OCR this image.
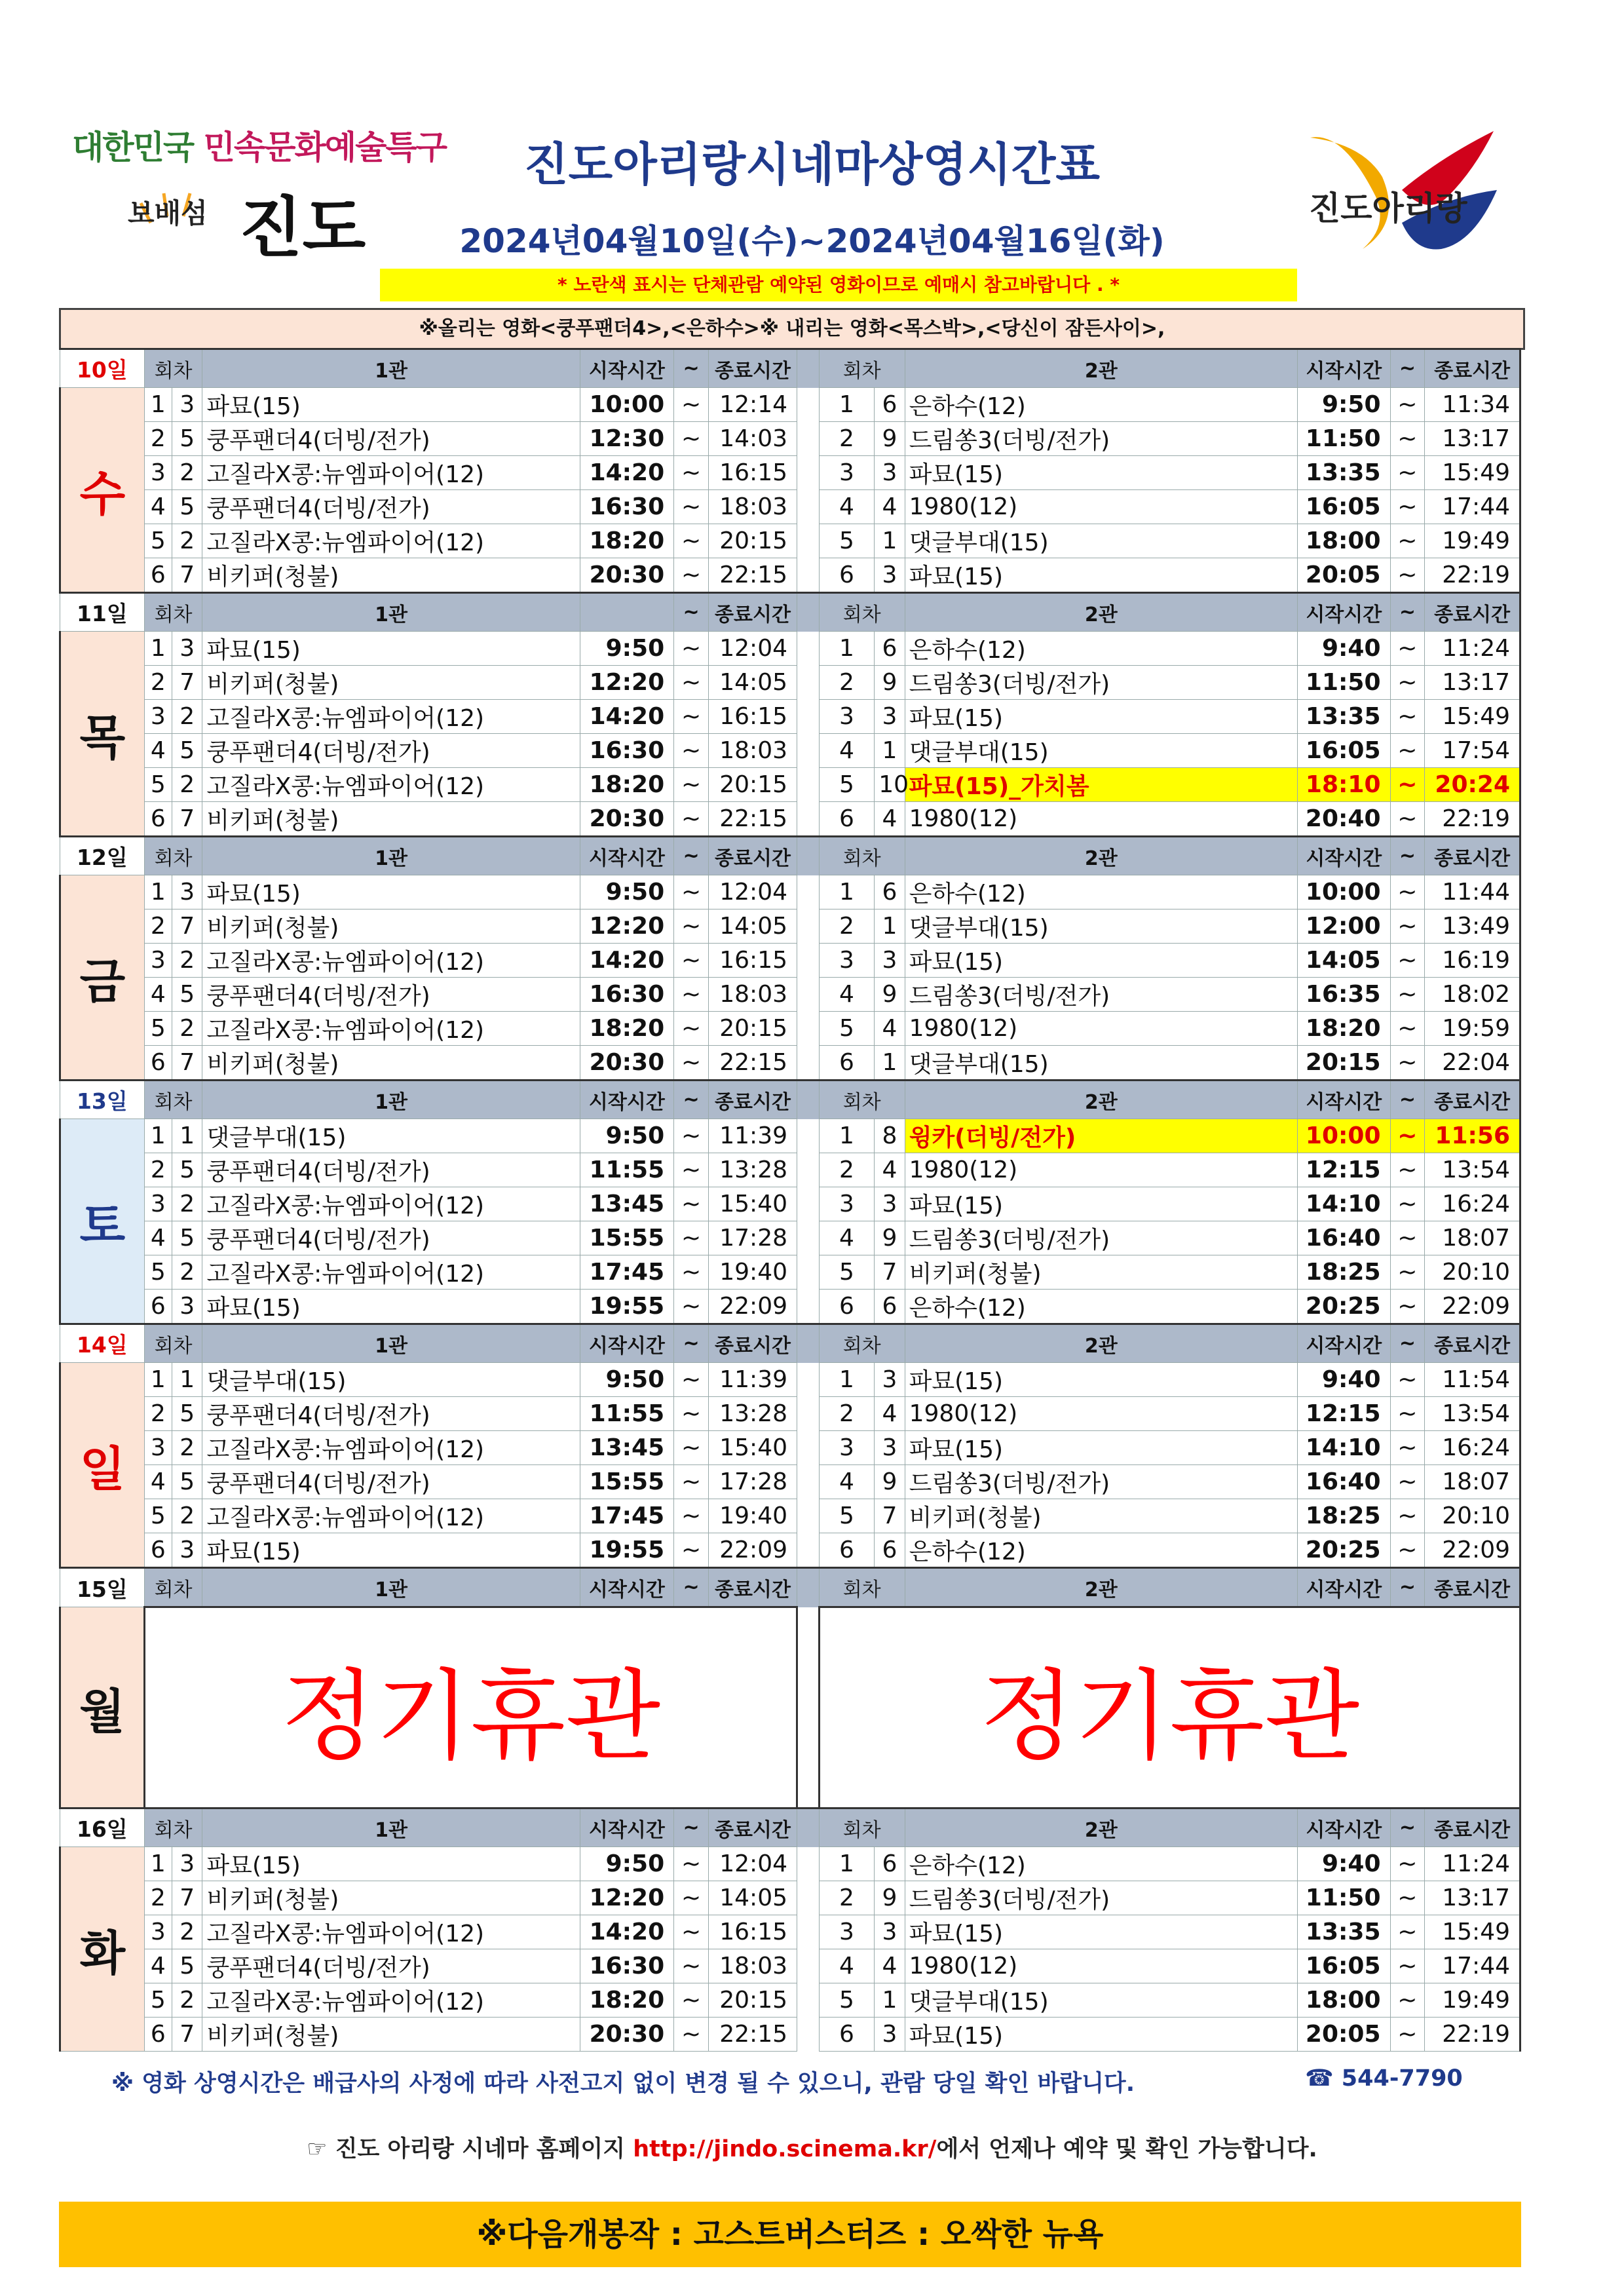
대한민국 민속문화예술특구
보배섬 진도	진도아리랑
진도아리랑시네마상영시간표
2024년04월10일(수)~2024년04월16일(화)
* 노란색 표시는 단체관람 예약된 영화이므로 예매시 참고바랍니다 . *
※올리는 영화<쿵푸팬더4>,<은하수>※ 내리는 영화<목스박>,<당신이 잠든사이>,
10일	회차		1관	시작시간	~	종료시간		회차		2관	시작시간	~	종료시간
수	1	3	파묘(15)	10:00	~	12:14		1	6	은하수(12)	9:50	~	11:34
	2	5	쿵푸팬더4(더빙/전가)	12:30	~	14:03		2	9	드림쏭3(더빙/전가)	11:50	~	13:17
	3	2	고질라X콩:뉴엠파이어(12)	14:20	~	16:15		3	3	파묘(15)	13:35	~	15:49
	4	5	쿵푸팬더4(더빙/전가)	16:30	~	18:03		4	4	1980(12)	16:05	~	17:44
	5	2	고질라X콩:뉴엠파이어(12)	18:20	~	20:15		5	1	댓글부대(15)	18:00	~	19:49
	6	7	비키퍼(청불)	20:30	~	22:15		6	3	파묘(15)	20:05	~	22:19
11일	회차		1관		~	종료시간		회차		2관	시작시간	~	종료시간
목	1	3	파묘(15)	9:50	~	12:04		1	6	은하수(12)	9:40	~	11:24
	2	7	비키퍼(청불)	12:20	~	14:05		2	9	드림쏭3(더빙/전가)	11:50	~	13:17
	3	2	고질라X콩:뉴엠파이어(12)	14:20	~	16:15		3	3	파묘(15)	13:35	~	15:49
	4	5	쿵푸팬더4(더빙/전가)	16:30	~	18:03		4	1	댓글부대(15)	16:05	~	17:54
	5	2	고질라X콩:뉴엠파이어(12)	18:20	~	20:15		5	10	파묘(15)_가치봄	18:10	~	20:24
	6	7	비키퍼(청불)	20:30	~	22:15		6	4	1980(12)	20:40	~	22:19
12일	회차		1관	시작시간	~	종료시간		회차		2관	시작시간	~	종료시간
금	1	3	파묘(15)	9:50	~	12:04		1	6	은하수(12)	10:00	~	11:44
	2	7	비키퍼(청불)	12:20	~	14:05		2	1	댓글부대(15)	12:00	~	13:49
	3	2	고질라X콩:뉴엠파이어(12)	14:20	~	16:15		3	3	파묘(15)	14:05	~	16:19
	4	5	쿵푸팬더4(더빙/전가)	16:30	~	18:03		4	9	드림쏭3(더빙/전가)	16:35	~	18:02
	5	2	고질라X콩:뉴엠파이어(12)	18:20	~	20:15		5	4	1980(12)	18:20	~	19:59
	6	7	비키퍼(청불)	20:30	~	22:15		6	1	댓글부대(15)	20:15	~	22:04
13일	회차		1관	시작시간	~	종료시간		회차		2관	시작시간	~	종료시간
토	1	1	댓글부대(15)	9:50	~	11:39		1	8	윙카(더빙/전가)	10:00	~	11:56
	2	5	쿵푸팬더4(더빙/전가)	11:55	~	13:28		2	4	1980(12)	12:15	~	13:54
	3	2	고질라X콩:뉴엠파이어(12)	13:45	~	15:40		3	3	파묘(15)	14:10	~	16:24
	4	5	쿵푸팬더4(더빙/전가)	15:55	~	17:28		4	9	드림쏭3(더빙/전가)	16:40	~	18:07
	5	2	고질라X콩:뉴엠파이어(12)	17:45	~	19:40		5	7	비키퍼(청불)	18:25	~	20:10
	6	3	파묘(15)	19:55	~	22:09		6	6	은하수(12)	20:25	~	22:09
14일	회차		1관	시작시간	~	종료시간		회차		2관	시작시간	~	종료시간
일	1	1	댓글부대(15)	9:50	~	11:39		1	3	파묘(15)	9:40	~	11:54
	2	5	쿵푸팬더4(더빙/전가)	11:55	~	13:28		2	4	1980(12)	12:15	~	13:54
	3	2	고질라X콩:뉴엠파이어(12)	13:45	~	15:40		3	3	파묘(15)	14:10	~	16:24
	4	5	쿵푸팬더4(더빙/전가)	15:55	~	17:28		4	9	드림쏭3(더빙/전가)	16:40	~	18:07
	5	2	고질라X콩:뉴엠파이어(12)	17:45	~	19:40		5	7	비키퍼(청불)	18:25	~	20:10
	6	3	파묘(15)	19:55	~	22:09		6	6	은하수(12)	20:25	~	22:09
15일	회차		1관	시작시간	~	종료시간		회차		2관	시작시간	~	종료시간
월	정기휴관							정기휴관					
16일	회차		1관	시작시간	~	종료시간		회차		2관	시작시간	~	종료시간
화	1	3	파묘(15)	9:50	~	12:04		1	6	은하수(12)	9:40	~	11:24
	2	7	비키퍼(청불)	12:20	~	14:05		2	9	드림쏭3(더빙/전가)	11:50	~	13:17
	3	2	고질라X콩:뉴엠파이어(12)	14:20	~	16:15		3	3	파묘(15)	13:35	~	15:49
	4	5	쿵푸팬더4(더빙/전가)	16:30	~	18:03		4	4	1980(12)	16:05	~	17:44
	5	2	고질라X콩:뉴엠파이어(12)	18:20	~	20:15		5	1	댓글부대(15)	18:00	~	19:49
	6	7	비키퍼(청불)	20:30	~	22:15		6	3	파묘(15)	20:05	~	22:19
※ 영화 상영시간은 배급사의 사정에 따라 사전고지 없이 변경 될 수 있으니, 관람 당일 확인 바랍니다.	☎ 544-7790
☞ 진도 아리랑 시네마 홈페이지 http://jindo.scinema.kr/에서 언제나 예약 및 확인 가능합니다.
※다음개봉작 : 고스트버스터즈 : 오싹한 뉴욕
